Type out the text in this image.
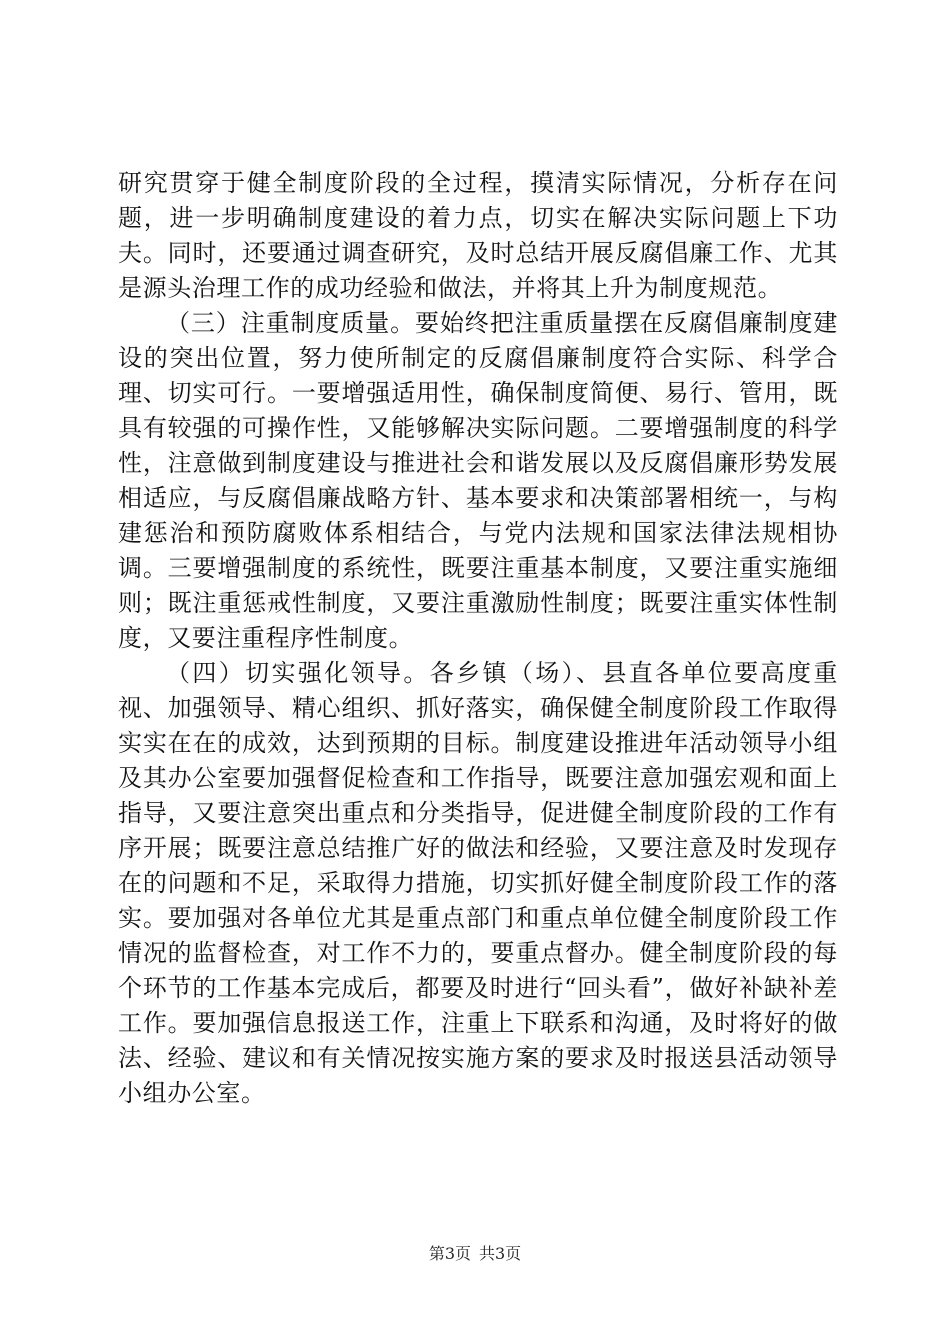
研究贯穿于健全制度阶段的全过程，摸清实际情况，分析存在问题，进一步明确制度建设的着力点，切实在解决实际问题上下功夫。同时，还要通过调查研究，及时总结开展反腐倡廉工作、尤其是源头治理工作的成功经验和做法，并将其上升为制度规范。

（三）注重制度质量。要始终把注重质量摆在反腐倡廉制度建设的突出位置，努力使所制定的反腐倡廉制度符合实际、科学合理、切实可行。一要增强适用性，确保制度简便、易行、管用，既具有较强的可操作性，又能够解决实际问题。二要增强制度的科学性，注意做到制度建设与推进社会和谐发展以及反腐倡廉形势发展相适应，与反腐倡廉战略方针、基本要求和决策部署相统一，与构建惩治和预防腐败体系相结合，与党内法规和国家法律法规相协调。三要增强制度的系统性，既要注重基本制度，又要注重实施细则；既注重惩戒性制度，又要注重激励性制度；既要注重实体性制度，又要注重程序性制度。

（四）切实强化领导。各乡镇（场）、县直各单位要高度重视、加强领导、精心组织、抓好落实，确保健全制度阶段工作取得实实在在的成效，达到预期的目标。制度建设推进年活动领导小组及其办公室要加强督促检查和工作指导，既要注意加强宏观和面上指导，又要注意突出重点和分类指导，促进健全制度阶段的工作有序开展；既要注意总结推广好的做法和经验，又要注意及时发现存在的问题和不足，采取得力措施，切实抓好健全制度阶段工作的落实。要加强对各单位尤其是重点部门和重点单位健全制度阶段工作情况的监督检查，对工作不力的，要重点督办。健全制度阶段的每个环节的工作基本完成后，都要及时进行“回头看”，做好补缺补差工作。要加强信息报送工作，注重上下联系和沟通，及时将好的做法、经验、建议和有关情况按实施方案的要求及时报送县活动领导小组办公室。

第3页 共3页
